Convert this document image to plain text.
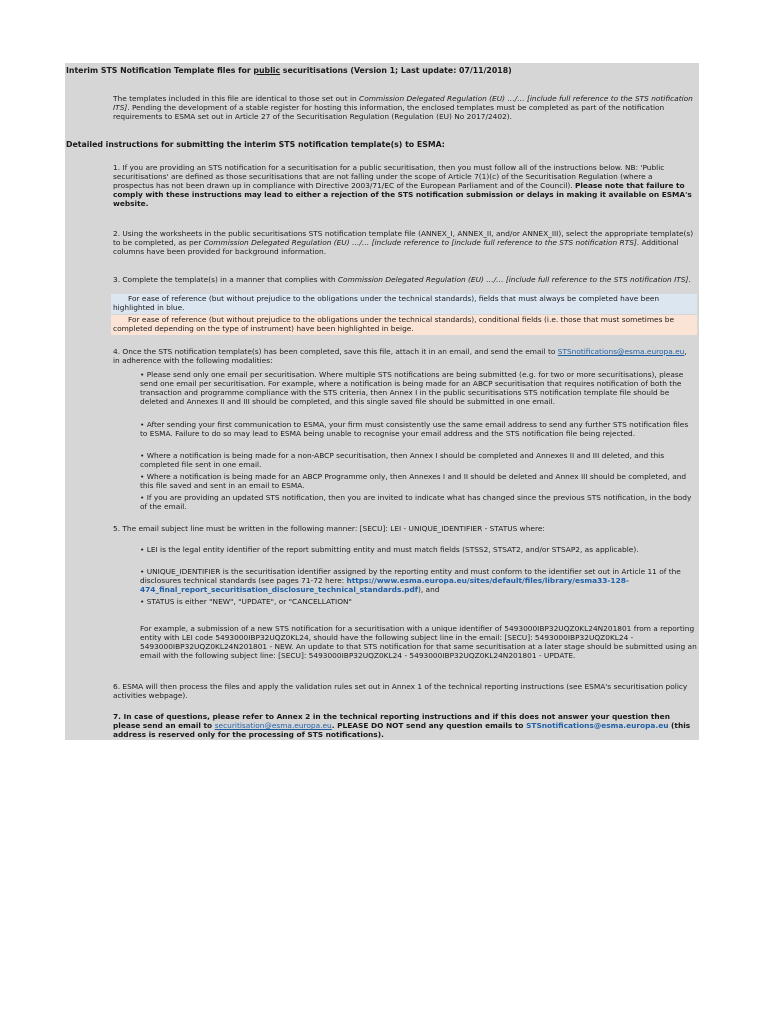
Interim STS Notification Template files for public securitisations (Version 1; Last update: 07/11/2018)

The templates included in this file are identical to those set out in Commission Delegated Regulation (EU) …/… [include full reference to the STS notification ITS]. Pending the development of a stable register for hosting this information, the enclosed templates must be completed as part of the notification requirements to ESMA set out in Article 27 of the Securitisation Regulation (Regulation (EU) No 2017/2402).

Detailed instructions for submitting the interim STS notification template(s) to ESMA:

1. If you are providing an STS notification for a securitisation for a public securitisation, then you must follow all of the instructions below. NB: 'Public securitisations' are defined as those securitisations that are not falling under the scope of Article 7(1)(c) of the Securitisation Regulation (where a prospectus has not been drawn up in compliance with Directive 2003/71/EC of the European Parliament and of the Council). Please note that failure to comply with these instructions may lead to either a rejection of the STS notification submission or delays in making it available on ESMA's website.

2. Using the worksheets in the public securitisations STS notification template file (ANNEX_I, ANNEX_II, and/or ANNEX_III), select the appropriate template(s) to be completed, as per Commission Delegated Regulation (EU) …/… [include reference to [include full reference to the STS notification RTS]. Additional columns have been provided for background information.

3. Complete the template(s) in a manner that complies with Commission Delegated Regulation (EU) …/… [include full reference to the STS notification ITS].

For ease of reference (but without prejudice to the obligations under the technical standards), fields that must always be completed have been highlighted in blue.
For ease of reference (but without prejudice to the obligations under the technical standards), conditional fields (i.e. those that must sometimes be completed depending on the type of instrument) have been highlighted in beige.

4. Once the STS notification template(s) has been completed, save this file, attach it in an email, and send the email to STSnotifications@esma.europa.eu, in adherence with the following modalities:

• Please send only one email per securitisation. Where multiple STS notifications are being submitted (e.g. for two or more securitisations), please send one email per securitisation. For example, where a notification is being made for an ABCP securitisation that requires notification of both the transaction and programme compliance with the STS criteria, then Annex I in the public securitisations STS notification template file should be deleted and Annexes II and III should be completed, and this single saved file should be submitted in one email.

• After sending your first communication to ESMA, your firm must consistently use the same email address to send any further STS notification files to ESMA. Failure to do so may lead to ESMA being unable to recognise your email address and the STS notification file being rejected.

• Where a notification is being made for a non-ABCP securitisation, then Annex I should be completed and Annexes II and III deleted, and this completed file sent in one email.

• Where a notification is being made for an ABCP Programme only, then Annexes I and II should be deleted and Annex III should be completed, and this file saved and sent in an email to ESMA.

• If you are providing an updated STS notification, then you are invited to indicate what has changed since the previous STS notification, in the body of the email.

5. The email subject line must be written in the following manner: [SECU]: LEI - UNIQUE_IDENTIFIER - STATUS where:

• LEI is the legal entity identifier of the report submitting entity and must match fields (STSS2, STSAT2, and/or STSAP2, as applicable).

• UNIQUE_IDENTIFIER is the securitisation identifier assigned by the reporting entity and must conform to the identifier set out in Article 11 of the disclosures technical standards (see pages 71-72 here: https://www.esma.europa.eu/sites/default/files/library/esma33-128-474_final_report_securitisation_disclosure_technical_standards.pdf), and

• STATUS is either "NEW", "UPDATE", or "CANCELLATION"

For example, a submission of a new STS notification for a securitisation with a unique identifier of 5493000IBP32UQZ0KL24N201801 from a reporting entity with LEI code 5493000IBP32UQZ0KL24, should have the following subject line in the email: [SECU]: 5493000IBP32UQZ0KL24 - 5493000IBP32UQZ0KL24N201801 - NEW. An update to that STS notification for that same securitisation at a later stage should be submitted using an email with the following subject line: [SECU]: 5493000IBP32UQZ0KL24 - 5493000IBP32UQZ0KL24N201801 - UPDATE.

6. ESMA will then process the files and apply the validation rules set out in Annex 1 of the technical reporting instructions (see ESMA's securitisation policy activities webpage).

7. In case of questions, please refer to Annex 2 in the technical reporting instructions and if this does not answer your question then please send an email to securitisation@esma.europa.eu. PLEASE DO NOT send any question emails to STSnotifications@esma.europa.eu (this address is reserved only for the processing of STS notifications).
